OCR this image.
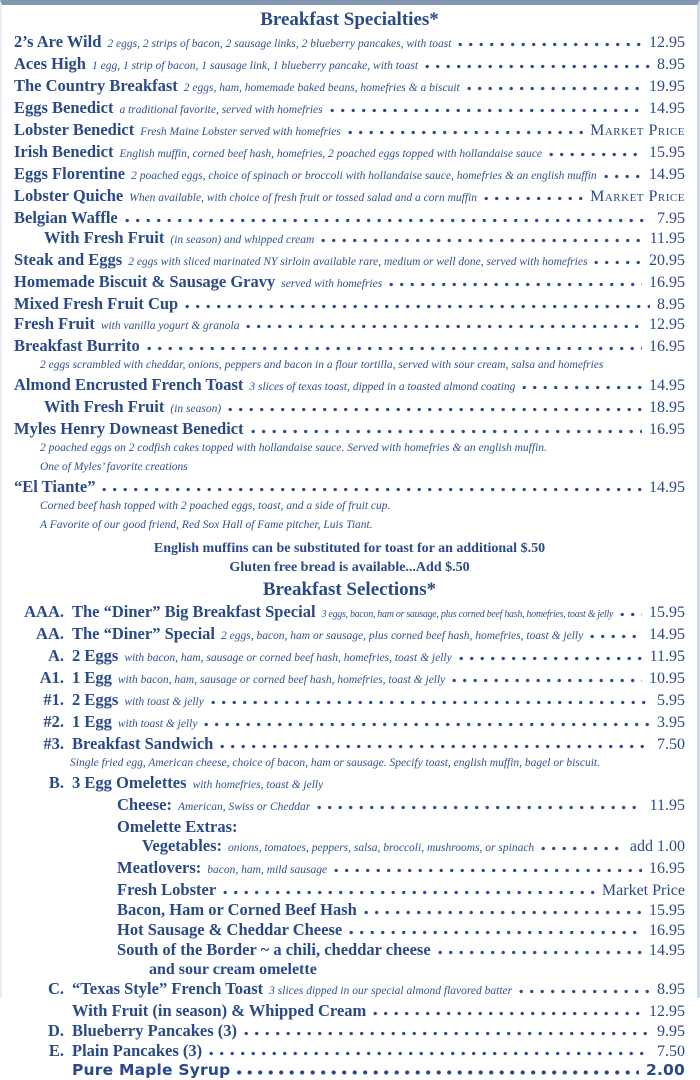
Breakfast Specialties*
2’s Are Wild 2 eggs, 2 strips of bacon, 2 sausage links, 2 blueberry pancakes, with toast	12.95
Aces High 1 egg, 1 strip of bacon, 1 sausage link, 1 blueberry pancake, with toast	8.95
The Country Breakfast 2 eggs, ham, homemade baked beans, homefries & a biscuit	19.95
Eggs Benedict a traditional favorite, served with homefries	14.95
Lobster Benedict Fresh Maine Lobster served with homefries	Market Price
Irish Benedict English muffin, corned beef hash, homefries, 2 poached eggs topped with hollandaise sauce	15.95
Eggs Florentine 2 poached eggs, choice of spinach or broccoli with hollandaise sauce, homefries & an english muffin	14.95
Lobster Quiche When available, with choice of fresh fruit or tossed salad and a corn muffin	Market Price
Belgian Waffle	7.95
With Fresh Fruit (in season) and whipped cream	11.95
Steak and Eggs 2 eggs with sliced marinated NY sirloin available rare, medium or well done, served with homefries	20.95
Homemade Biscuit & Sausage Gravy served with homefries	16.95
Mixed Fresh Fruit Cup	8.95
Fresh Fruit with vanilla yogurt & granola	12.95
Breakfast Burrito	16.95
2 eggs scrambled with cheddar, onions, peppers and bacon in a flour tortilla, served with sour cream, salsa and homefries
Almond Encrusted French Toast 3 slices of texas toast, dipped in a toasted almond coating	14.95
With Fresh Fruit (in season)	18.95
Myles Henry Downeast Benedict	16.95
2 poached eggs on 2 codfish cakes topped with hollandaise sauce. Served with homefries & an english muffin.
One of Myles’ favorite creations
“El Tiante”	14.95
Corned beef hash topped with 2 poached eggs, toast, and a side of fruit cup.
A Favorite of our good friend, Red Sox Hall of Fame pitcher, Luis Tiant.
English muffins can be substituted for toast for an additional $.50
Gluten free bread is available...Add $.50
Breakfast Selections*
AAA. The “Diner” Big Breakfast Special 3 eggs, bacon, ham or sausage, plus corned beef hash, homefries, toast & jelly 15.95
AA. The “Diner” Special 2 eggs, bacon, ham or sausage, plus corned beef hash, homefries, toast & jelly	14.95
A. 2 Eggs with bacon, ham, sausage or corned beef hash, homefries, toast & jelly	11.95
A1. 1 Egg with bacon, ham, sausage or corned beef hash, homefries, toast & jelly	10.95
#1. 2 Eggs with toast & jelly	5.95
#2. 1 Egg with toast & jelly	3.95
#3. Breakfast Sandwich	7.50
Single fried egg, American cheese, choice of bacon, ham or sausage. Specify toast, english muffin, bagel or biscuit.
B. 3 Egg Omelettes with homefries, toast & jelly
Cheese: American, Swiss or Cheddar	11.95
Omelette Extras:
Vegetables: onions, tomatoes, peppers, salsa, broccoli, mushrooms, or spinach	add 1.00
Meatlovers: bacon, ham, mild sausage	16.95
Fresh Lobster	Market Price
Bacon, Ham or Corned Beef Hash	15.95
Hot Sausage & Cheddar Cheese	16.95
South of the Border ~ a chili, cheddar cheese	14.95
and sour cream omelette
C. “Texas Style” French Toast 3 slices dipped in our special almond flavored batter	8.95
With Fruit (in season) & Whipped Cream	12.95
D. Blueberry Pancakes (3)	9.95
E. Plain Pancakes (3)	7.50
Pure Maple Syrup	2.00
